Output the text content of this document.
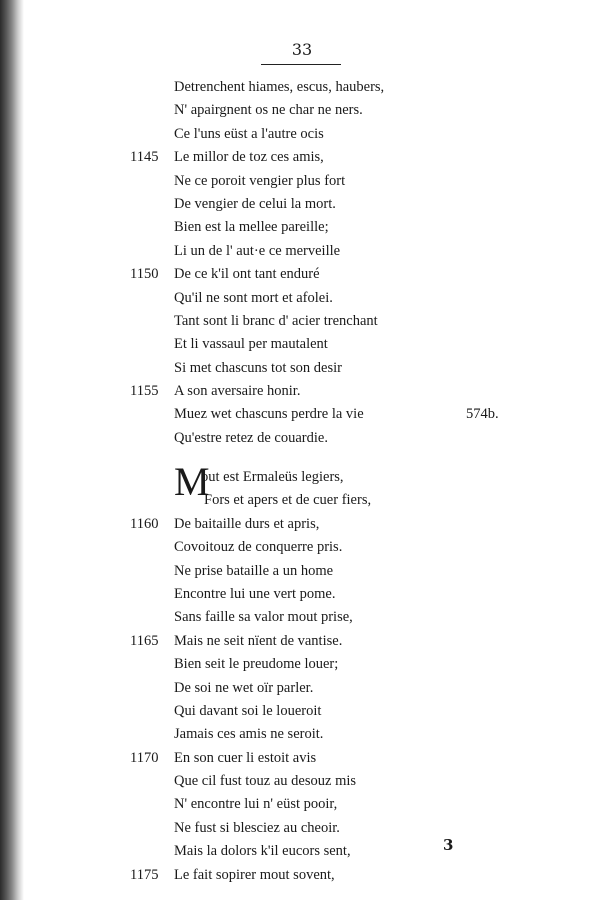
33
Detrenchent hiames, escus, haubers,
N' apairgnent os ne char ne ners.
Ce l'uns eüst a l'autre ocis
1145	Le millor de toz ces amis,
Ne ce poroit vengier plus fort
De vengier de celui la mort.
Bien est la mellee pareille;
Li un de l' aut·e ce merveille
1150	De ce k'il ont tant enduré
Qu'il ne sont mort et afolei.
Tant sont li branc d' acier trenchant
Et li vassaul per mautalent
Si met chascuns tot son desir
1155	A son aversaire honir.
Muez wet chascuns perdre la vie	574b.
Qu'estre retez de couardie.
out est Ermaleüs legiers,
Fors et apers et de cuer fiers,
1160	De baitaille durs et apris,
Covoitouz de conquerre pris.
Ne prise bataille a un home
Encontre lui une vert pome.
Sans faille sa valor mout prise,
1165	Mais ne seit nïent de vantise.
Bien seit le preudome louer;
De soi ne wet oïr parler.
Qui davant soi le loueroit
Jamais ces amis ne seroit.
1170	En son cuer li estoit avis
Que cil fust touz au desouz mis
N' encontre lui n' eüst pooir,
Ne fust si blesciez au cheoir.
Mais la dolors k'il eucors sent,
1175	Le fait sopirer mout sovent,
M
3
